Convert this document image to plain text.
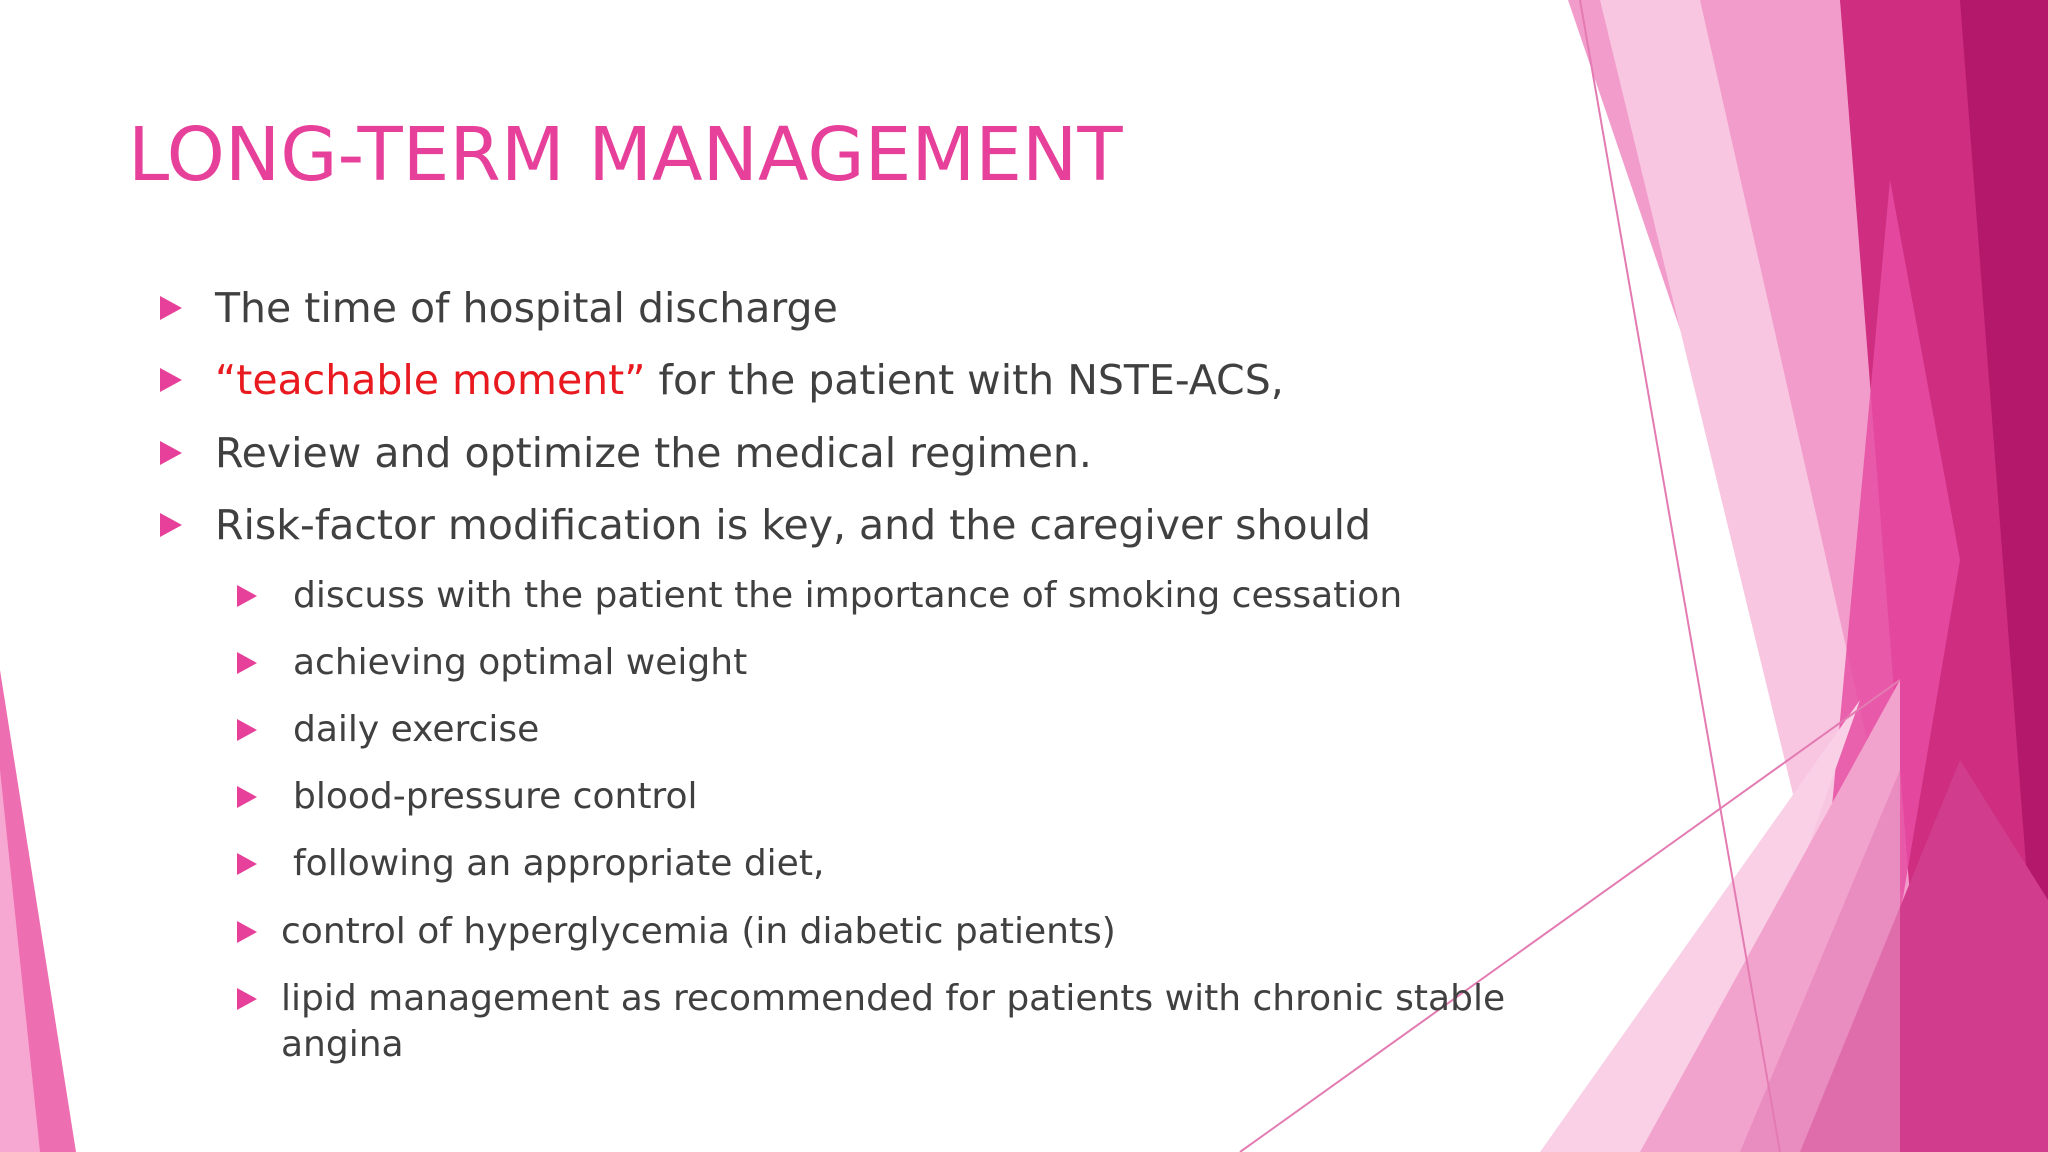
LONG-TERM MANAGEMENT
The time of hospital discharge
“teachable moment” for the patient with NSTE-ACS,
Review and optimize the medical regimen.
Risk-factor modification is key, and the caregiver should
discuss with the patient the importance of smoking cessation
achieving optimal weight
daily exercise
blood-pressure control
following an appropriate diet,
control of hyperglycemia (in diabetic patients)
lipid management as recommended for patients with chronic stable
angina
